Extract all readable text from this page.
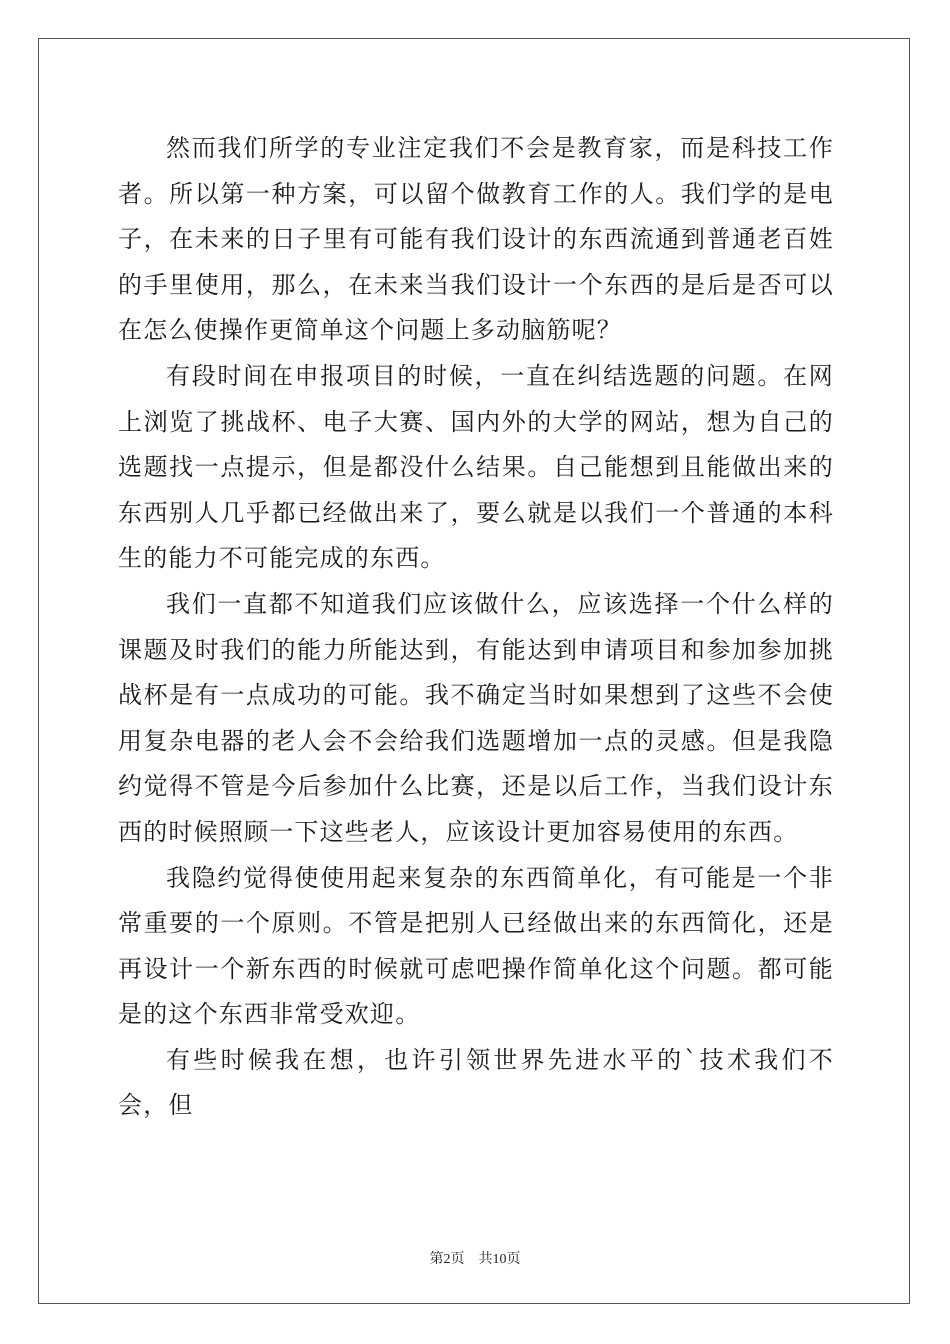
然而我们所学的专业注定我们不会是教育家，而是科技工作者。所以第一种方案，可以留个做教育工作的人。我们学的是电子，在未来的日子里有可能有我们设计的东西流通到普通老百姓的手里使用，那么，在未来当我们设计一个东西的是后是否可以在怎么使操作更简单这个问题上多动脑筋呢？

有段时间在申报项目的时候，一直在纠结选题的问题。在网上浏览了挑战杯、电子大赛、国内外的大学的网站，想为自己的选题找一点提示，但是都没什么结果。自己能想到且能做出来的东西别人几乎都已经做出来了，要么就是以我们一个普通的本科生的能力不可能完成的东西。

我们一直都不知道我们应该做什么，应该选择一个什么样的课题及时我们的能力所能达到，有能达到申请项目和参加参加挑战杯是有一点成功的可能。我不确定当时如果想到了这些不会使用复杂电器的老人会不会给我们选题增加一点的灵感。但是我隐约觉得不管是今后参加什么比赛，还是以后工作，当我们设计东西的时候照顾一下这些老人，应该设计更加容易使用的东西。

我隐约觉得使使用起来复杂的东西简单化，有可能是一个非常重要的一个原则。不管是把别人已经做出来的东西简化，还是再设计一个新东西的时候就可虑吧操作简单化这个问题。都可能是的这个东西非常受欢迎。

有些时候我在想，也许引领世界先进水平的`技术我们不会，但

第2页 共10页
